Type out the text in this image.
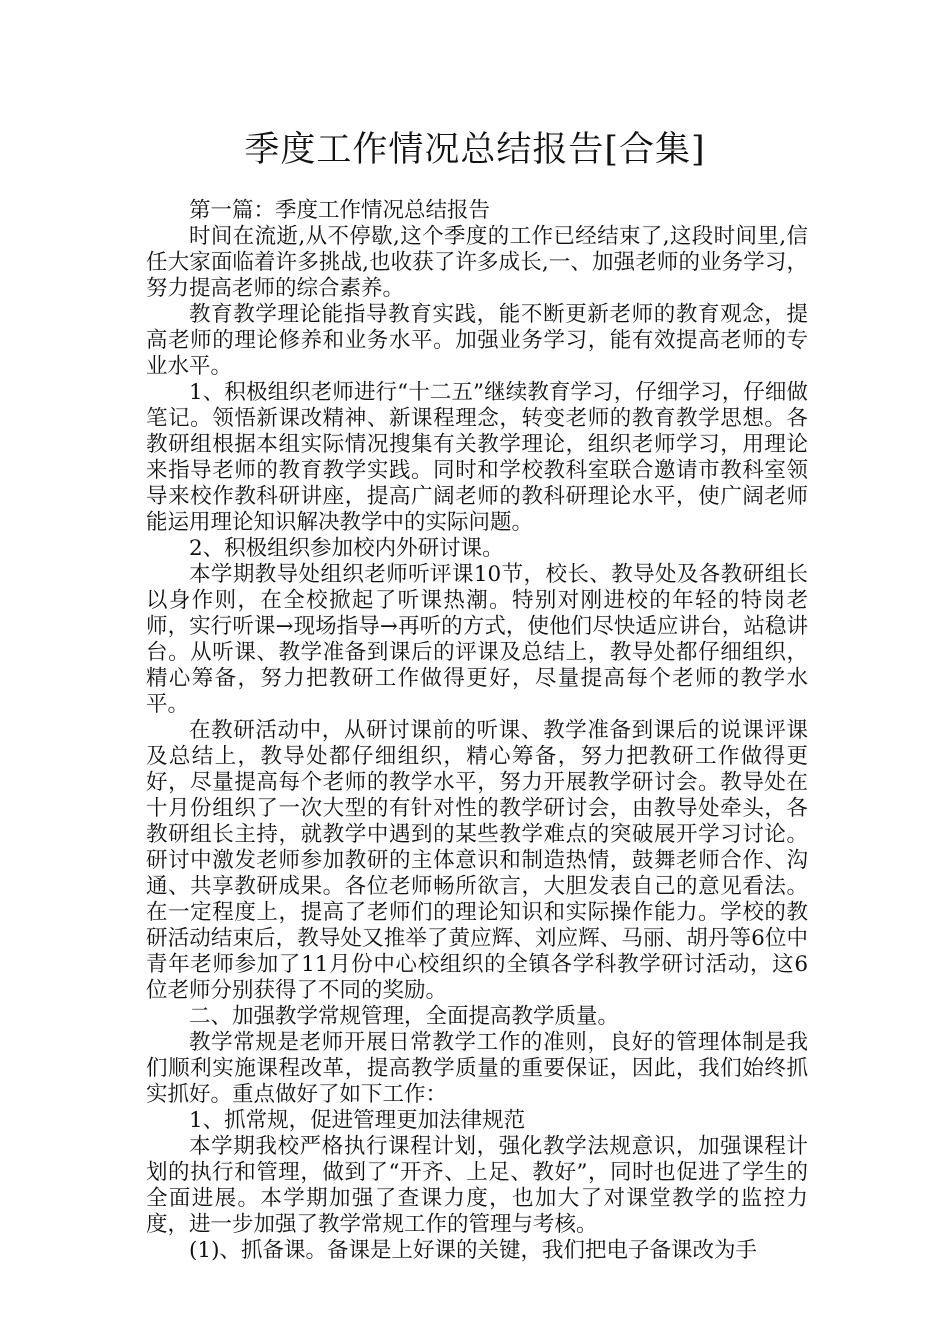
季度工作情况总结报告[合集]

第一篇：季度工作情况总结报告

时间在流逝,从不停歇,这个季度的工作已经结束了,这段时间里,信任大家面临着许多挑战,也收获了许多成长,一、加强老师的业务学习，努力提高老师的综合素养。

教育教学理论能指导教育实践，能不断更新老师的教育观念，提高老师的理论修养和业务水平。加强业务学习，能有效提高老师的专业水平。

1、积极组织老师进行“十二五”继续教育学习，仔细学习，仔细做笔记。领悟新课改精神、新课程理念，转变老师的教育教学思想。各教研组根据本组实际情况搜集有关教学理论，组织老师学习，用理论来指导老师的教育教学实践。同时和学校教科室联合邀请市教科室领导来校作教科研讲座，提高广阔老师的教科研理论水平，使广阔老师能运用理论知识解决教学中的实际问题。

2、积极组织参加校内外研讨课。

本学期教导处组织老师听评课10节，校长、教导处及各教研组长以身作则，在全校掀起了听课热潮。特别对刚进校的年轻的特岗老师，实行听课→现场指导→再听的方式，使他们尽快适应讲台，站稳讲台。从听课、教学准备到课后的评课及总结上，教导处都仔细组织，精心筹备，努力把教研工作做得更好，尽量提高每个老师的教学水平。

在教研活动中，从研讨课前的听课、教学准备到课后的说课评课及总结上，教导处都仔细组织，精心筹备，努力把教研工作做得更好，尽量提高每个老师的教学水平，努力开展教学研讨会。教导处在十月份组织了一次大型的有针对性的教学研讨会，由教导处牵头，各教研组长主持，就教学中遇到的某些教学难点的突破展开学习讨论。研讨中激发老师参加教研的主体意识和制造热情，鼓舞老师合作、沟通、共享教研成果。各位老师畅所欲言，大胆发表自己的意见看法。在一定程度上，提高了老师们的理论知识和实际操作能力。学校的教研活动结束后，教导处又推举了黄应辉、刘应辉、马丽、胡丹等6位中青年老师参加了11月份中心校组织的全镇各学科教学研讨活动，这6位老师分别获得了不同的奖励。

二、加强教学常规管理，全面提高教学质量。

教学常规是老师开展日常教学工作的准则，良好的管理体制是我们顺利实施课程改革，提高教学质量的重要保证，因此，我们始终抓实抓好。重点做好了如下工作：

1、抓常规，促进管理更加法律规范

本学期我校严格执行课程计划，强化教学法规意识，加强课程计划的执行和管理，做到了“开齐、上足、教好”，同时也促进了学生的全面进展。本学期加强了查课力度，也加大了对课堂教学的监控力度，进一步加强了教学常规工作的管理与考核。

(1)、抓备课。备课是上好课的关键，我们把电子备课改为手
